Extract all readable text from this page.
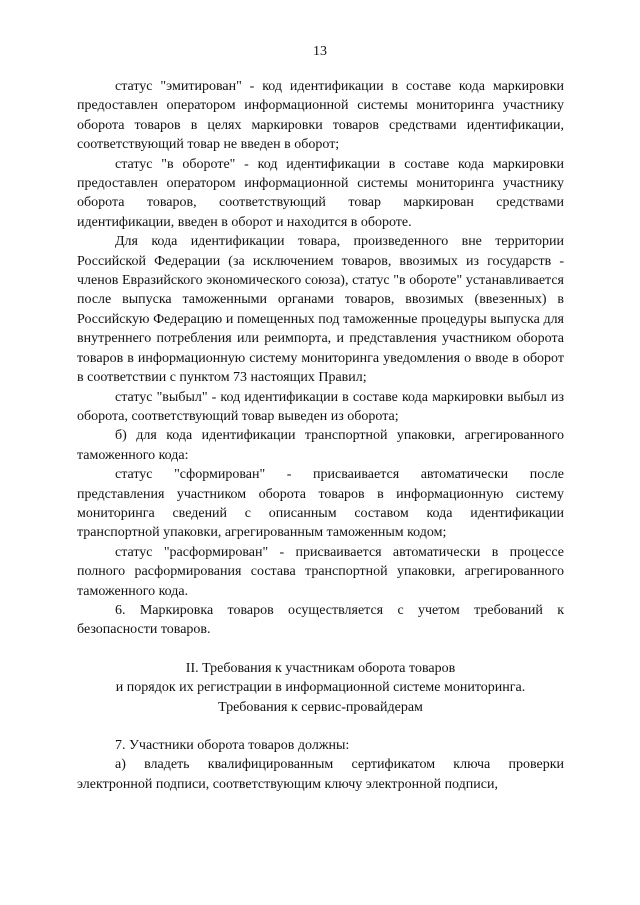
13

статус "эмитирован" - код идентификации в составе кода маркировки предоставлен оператором информационной системы мониторинга участнику оборота товаров в целях маркировки товаров средствами идентификации, соответствующий товар не введен в оборот;

статус "в обороте" - код идентификации в составе кода маркировки предоставлен оператором информационной системы мониторинга участнику оборота товаров, соответствующий товар маркирован средствами идентификации, введен в оборот и находится в обороте.

Для кода идентификации товара, произведенного вне территории Российской Федерации (за исключением товаров, ввозимых из государств - членов Евразийского экономического союза), статус "в обороте" устанавливается после выпуска таможенными органами товаров, ввозимых (ввезенных) в Российскую Федерацию и помещенных под таможенные процедуры выпуска для внутреннего потребления или реимпорта, и представления участником оборота товаров в информационную систему мониторинга уведомления о вводе в оборот в соответствии с пунктом 73 настоящих Правил;

статус "выбыл" - код идентификации в составе кода маркировки выбыл из оборота, соответствующий товар выведен из оборота;

б) для кода идентификации транспортной упаковки, агрегированного таможенного кода:

статус "сформирован" - присваивается автоматически после представления участником оборота товаров в информационную систему мониторинга сведений с описанным составом кода идентификации транспортной упаковки, агрегированным таможенным кодом;

статус "расформирован" - присваивается автоматически в процессе полного расформирования состава транспортной упаковки, агрегированного таможенного кода.

6. Маркировка товаров осуществляется с учетом требований к безопасности товаров.

II. Требования к участникам оборота товаров

и порядок их регистрации в информационной системе мониторинга.

Требования к сервис-провайдерам

7. Участники оборота товаров должны:

а) владеть квалифицированным сертификатом ключа проверки электронной подписи, соответствующим ключу электронной подписи,
